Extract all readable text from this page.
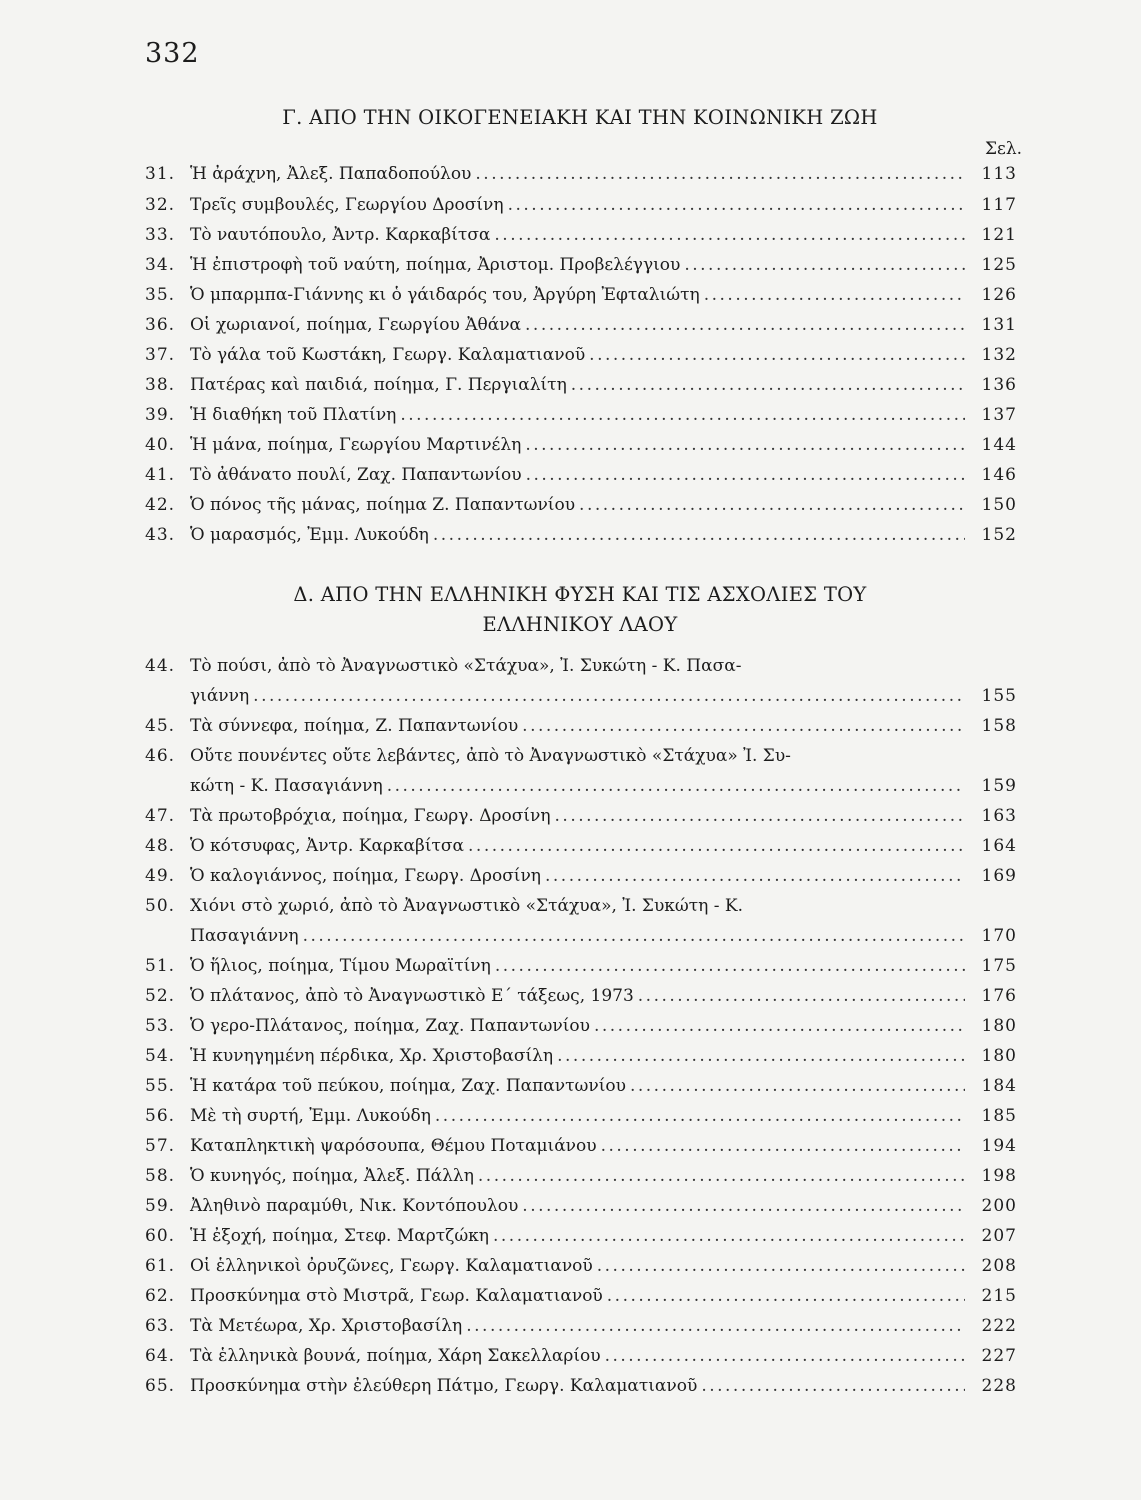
332
Γ. ΑΠΟ ΤΗΝ ΟΙΚΟΓΕΝΕΙΑΚΗ ΚΑΙ ΤΗΝ ΚΟΙΝΩΝΙΚΗ ΖΩΗ
Σελ.
31. Ἡ ἀράχνη, Ἀλεξ. Παπαδοπούλου .....	113
32. Τρεῖς συμβουλές, Γεωργίου Δροσίνη .....	117
33. Τὸ ναυτόπουλο, Ἀντρ. Καρκαβίτσα .....	121
34. Ἡ ἐπιστροφὴ τοῦ ναύτη, ποίημα, Ἀριστομ. Προβελέγγιου .....	125
35. Ὁ μπαρμπα-Γιάννης κι ὁ γάιδαρός του, Ἀργύρη Ἐφταλιώτη .....	126
36. Οἱ χωριανοί, ποίημα, Γεωργίου Ἀθάνα .....	131
37. Τὸ γάλα τοῦ Κωστάκη, Γεωργ. Καλαματιανοῦ .....	132
38. Πατέρας καὶ παιδιά, ποίημα, Γ. Περγιαλίτη .....	136
39. Ἡ διαθήκη τοῦ Πλατίνη .....	137
40. Ἡ μάνα, ποίημα, Γεωργίου Μαρτινέλη .....	144
41. Τὸ ἀθάνατο πουλί, Ζαχ. Παπαντωνίου .....	146
42. Ὁ πόνος τῆς μάνας, ποίημα Ζ. Παπαντωνίου .....	150
43. Ὁ μαρασμός, Ἐμμ. Λυκούδη .....	152
Δ. ΑΠΟ ΤΗΝ ΕΛΛΗΝΙΚΗ ΦΥΣΗ ΚΑΙ ΤΙΣ ΑΣΧΟΛΙΕΣ ΤΟΥ
ΕΛΛΗΝΙΚΟΥ ΛΑΟΥ
44. Τὸ πούσι, ἀπὸ τὸ Ἀναγνωστικὸ «Στάχυα», Ἰ. Συκώτη - Κ. Πασα-
γιάννη .....	155
45. Τὰ σύννεφα, ποίημα, Ζ. Παπαντωνίου .....	158
46. Οὔτε πουνέντες οὔτε λεβάντες, ἀπὸ τὸ Ἀναγνωστικὸ «Στάχυα» Ἰ. Συ-
κώτη - Κ. Πασαγιάννη .....	159
47. Τὰ πρωτοβρόχια, ποίημα, Γεωργ. Δροσίνη .....	163
48. Ὁ κότσυφας, Ἀντρ. Καρκαβίτσα .....	164
49. Ὁ καλογιάννος, ποίημα, Γεωργ. Δροσίνη .....	169
50. Χιόνι στὸ χωριό, ἀπὸ τὸ Ἀναγνωστικὸ «Στάχυα», Ἰ. Συκώτη - Κ.
Πασαγιάννη .....	170
51. Ὁ ἥλιος, ποίημα, Τίμου Μωραϊτίνη .....	175
52. Ὁ πλάτανος, ἀπὸ τὸ Ἀναγνωστικὸ Ε΄ τάξεως, 1973 .....	176
53. Ὁ γερο-Πλάτανος, ποίημα, Ζαχ. Παπαντωνίου .....	180
54. Ἡ κυνηγημένη πέρδικα, Χρ. Χριστοβασίλη .....	180
55. Ἡ κατάρα τοῦ πεύκου, ποίημα, Ζαχ. Παπαντωνίου .....	184
56. Μὲ τὴ συρτή, Ἐμμ. Λυκούδη .....	185
57. Καταπληκτικὴ ψαρόσουπα, Θέμου Ποταμιάνου .....	194
58. Ὁ κυνηγός, ποίημα, Ἀλεξ. Πάλλη .....	198
59. Ἀληθινὸ παραμύθι, Νικ. Κοντόπουλου .....	200
60. Ἡ ἐξοχή, ποίημα, Στεφ. Μαρτζώκη .....	207
61. Οἱ ἑλληνικοὶ ὀρυζῶνες, Γεωργ. Καλαματιανοῦ .....	208
62. Προσκύνημα στὸ Μιστρᾶ, Γεωρ. Καλαματιανοῦ .....	215
63. Τὰ Μετέωρα, Χρ. Χριστοβασίλη .....	222
64. Τὰ ἑλληνικὰ βουνά, ποίημα, Χάρη Σακελλαρίου .....	227
65. Προσκύνημα στὴν ἐλεύθερη Πάτμο, Γεωργ. Καλαματιανοῦ .....	228
